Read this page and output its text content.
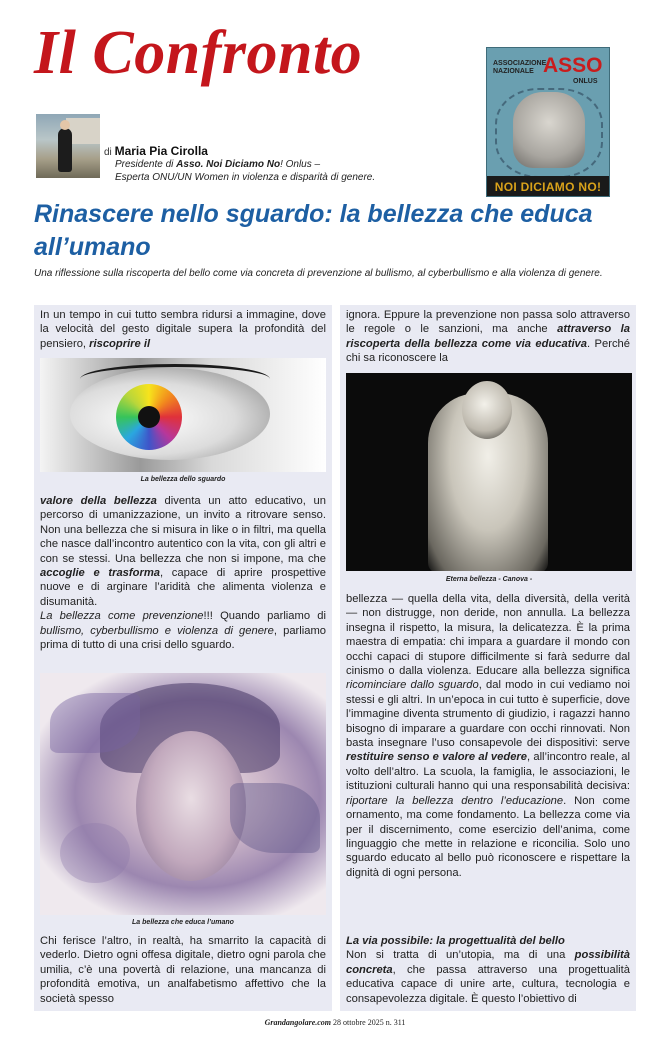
Il Confronto
di Maria Pia Cirolla
Presidente di Asso. Noi Diciamo No! Onlus –
Esperta ONU/UN Women in violenza e disparità di genere.
ASSOCIAZIONE NAZIONALE ASSO
ONLUS
NOI DICIAMO NO!
Rinascere nello sguardo: la bellezza che educa all’umano

Una riflessione sulla riscoperta del bello come via concreta di prevenzione al bullismo, al cyberbullismo e alla violenza di genere.

In un tempo in cui tutto sembra ridursi a immagine, dove la velocità del gesto digitale supera la profondità del pensiero, riscoprire il

La bellezza dello sguardo

valore della bellezza diventa un atto educativo, un percorso di umanizzazione, un invito a ritrovare senso. Non una bellezza che si misura in like o in filtri, ma quella che nasce dall’incontro autentico con la vita, con gli altri e con se stessi. Una bellezza che non si impone, ma che accoglie e trasforma, capace di aprire prospettive nuove e di arginare l’aridità che alimenta violenza e disumanità.
La bellezza come prevenzione!!! Quando parliamo di bullismo, cyberbullismo e violenza di genere, parliamo prima di tutto di una crisi dello sguardo.

La bellezza che educa l’umano

Chi ferisce l’altro, in realtà, ha smarrito la capacità di vederlo. Dietro ogni offesa digitale, dietro ogni parola che umilia, c’è una povertà di relazione, una mancanza di profondità emotiva, un analfabetismo affettivo che la società spesso

ignora. Eppure la prevenzione non passa solo attraverso le regole o le sanzioni, ma anche attraverso la riscoperta della bellezza come via educativa. Perché chi sa riconoscere la

Eterna bellezza - Canova -

bellezza — quella della vita, della diversità, della verità — non distrugge, non deride, non annulla. La bellezza insegna il rispetto, la misura, la delicatezza. È la prima maestra di empatia: chi impara a guardare il mondo con occhi capaci di stupore difficilmente si farà sedurre dal cinismo o dalla violenza. Educare alla bellezza significa ricominciare dallo sguardo, dal modo in cui vediamo noi stessi e gli altri. In un’epoca in cui tutto è superficie, dove l’immagine diventa strumento di giudizio, i ragazzi hanno bisogno di imparare a guardare con occhi rinnovati. Non basta insegnare l’uso consapevole dei dispositivi: serve restituire senso e valore al vedere, all’incontro reale, al volto dell’altro. La scuola, la famiglia, le associazioni, le istituzioni culturali hanno qui una responsabilità decisiva: riportare la bellezza dentro l’educazione. Non come ornamento, ma come fondamento. La bellezza come via per il discernimento, come esercizio dell’anima, come linguaggio che mette in relazione e riconcilia. Solo uno sguardo educato al bello può riconoscere e rispettare la dignità di ogni persona.

La via possibile: la progettualità del bello
Non si tratta di un’utopia, ma di una possibilità concreta, che passa attraverso una progettualità educativa capace di unire arte, cultura, tecnologia e consapevolezza digitale. È questo l’obiettivo di

Grandangolare.com 28 ottobre 2025 n. 311
